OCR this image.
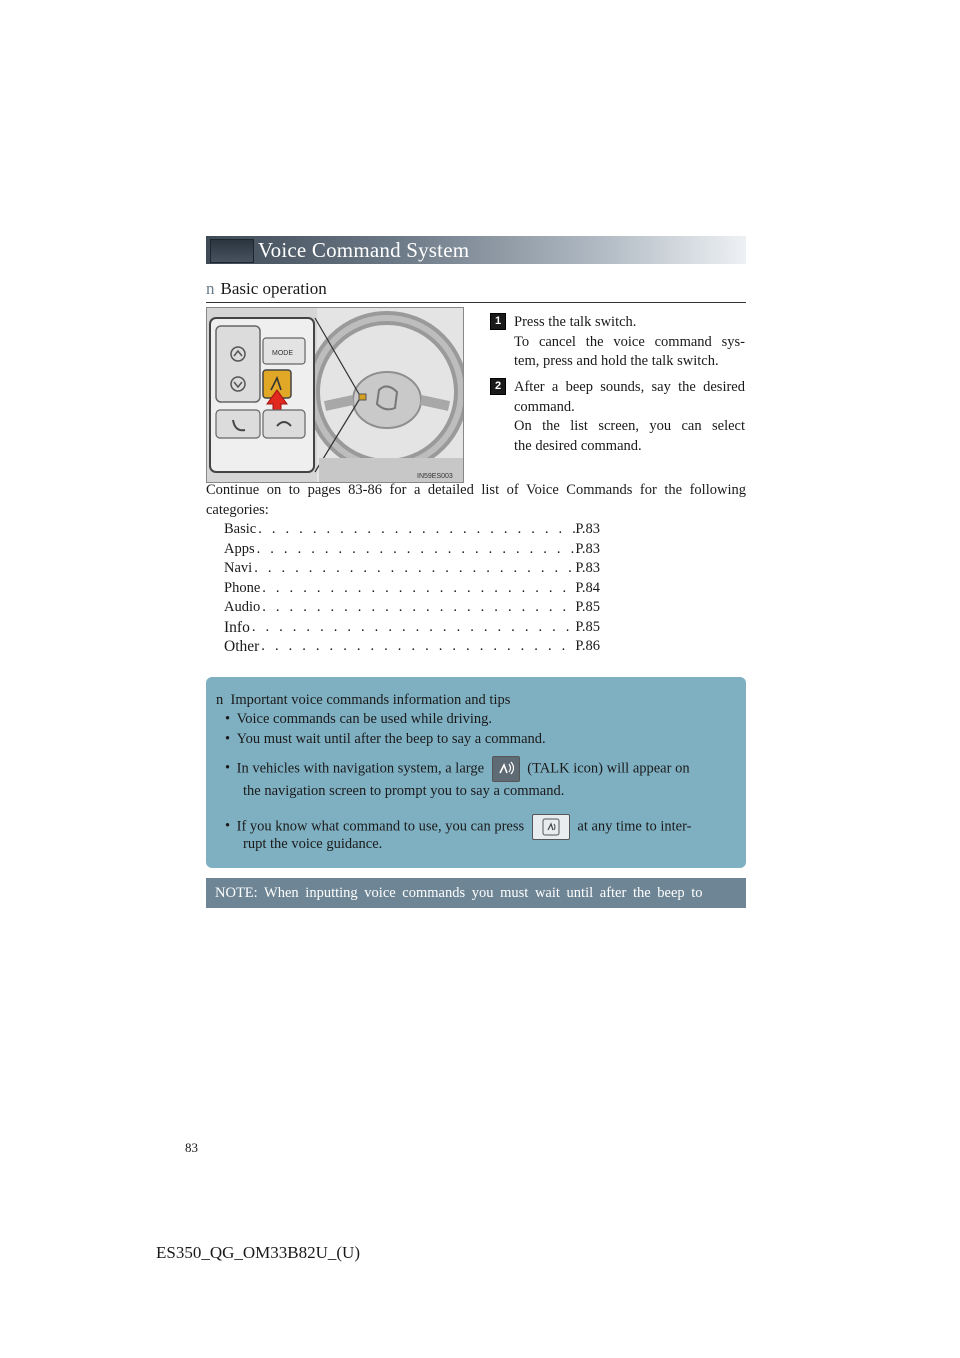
Voice Command System
n Basic operation
MODE
IN59ES003
1 Press the talk switch.
To cancel the voice command sys-
tem, press and hold the talk switch.
2 After a beep sounds, say the desired
command.
On the list screen, you can select
the desired command.
Continue on to pages 83-86 for a detailed list of Voice Commands for the following
categories:
Basic . . .	P.83
Apps . . .	P.83
Navi . . .	P.83
Phone . . .	P.84
Audio . . .	P.85
Info . . .	P.85
Other . . .	P.86
n Important voice commands information and tips
• Voice commands can be used while driving.
• You must wait until after the beep to say a command.
• In vehicles with navigation system, a large	(TALK icon) will appear on
the navigation screen to prompt you to say a command.
• If you know what command to use, you can press	at any time to inter-
rupt the voice guidance.
NOTE: When inputting voice commands you must wait until after the beep to
83
ES350_QG_OM33B82U_(U)
